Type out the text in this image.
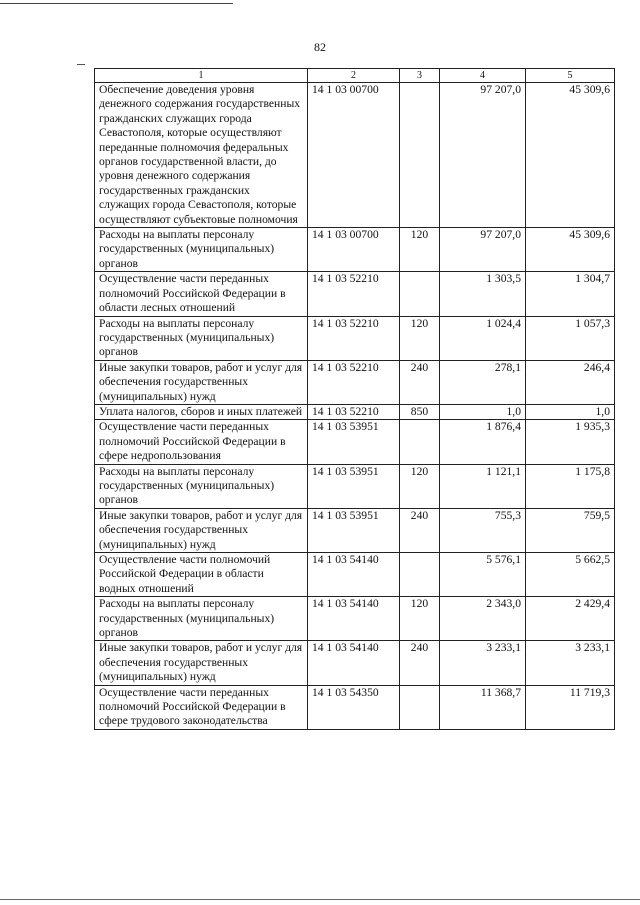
82
1	2	3	4	5
Обеспечение доведения уровня денежного содержания государственных гражданских служащих города Севастополя, которые осуществляют переданные полномочия федеральных органов государственной власти, до уровня денежного содержания государственных гражданских служащих города Севастополя, которые осуществляют субъектовые полномочия	14 1 03 00700		97 207,0	45 309,6
Расходы на выплаты персоналу государственных (муниципальных) органов	14 1 03 00700	120	97 207,0	45 309,6
Осуществление части переданных полномочий Российской Федерации в области лесных отношений	14 1 03 52210		1 303,5	1 304,7
Расходы на выплаты персоналу государственных (муниципальных) органов	14 1 03 52210	120	1 024,4	1 057,3
Иные закупки товаров, работ и услуг для обеспечения государственных (муниципальных) нужд	14 1 03 52210	240	278,1	246,4
Уплата налогов, сборов и иных платежей	14 1 03 52210	850	1,0	1,0
Осуществление части переданных полномочий Российской Федерации в сфере недропользования	14 1 03 53951		1 876,4	1 935,3
Расходы на выплаты персоналу государственных (муниципальных) органов	14 1 03 53951	120	1 121,1	1 175,8
Иные закупки товаров, работ и услуг для обеспечения государственных (муниципальных) нужд	14 1 03 53951	240	755,3	759,5
Осуществление части полномочий Российской Федерации в области водных отношений	14 1 03 54140		5 576,1	5 662,5
Расходы на выплаты персоналу государственных (муниципальных) органов	14 1 03 54140	120	2 343,0	2 429,4
Иные закупки товаров, работ и услуг для обеспечения государственных (муниципальных) нужд	14 1 03 54140	240	3 233,1	3 233,1
Осуществление части переданных полномочий Российской Федерации в сфере трудового законодательства	14 1 03 54350		11 368,7	11 719,3
